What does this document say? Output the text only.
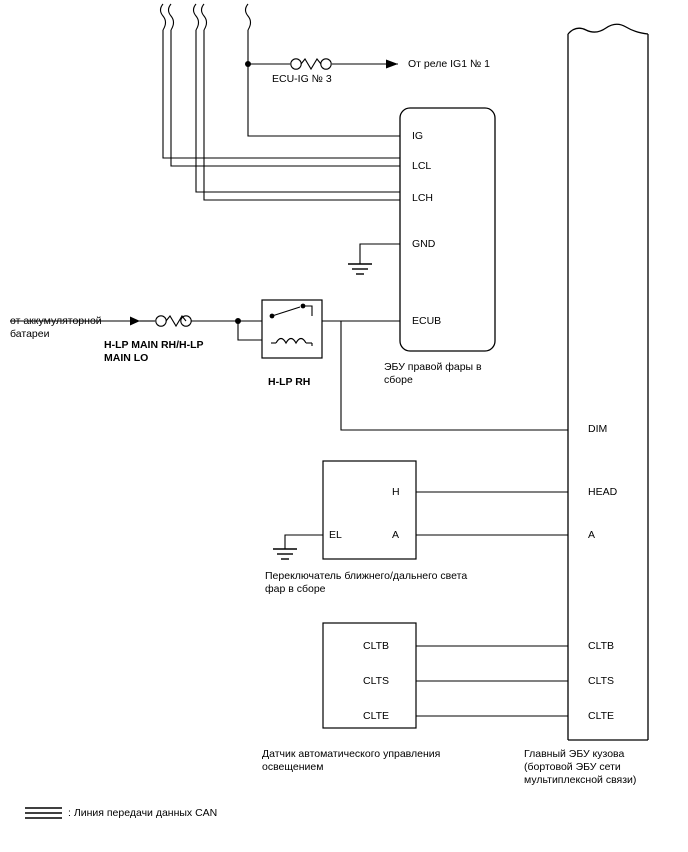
ECU-IG № 3
От реле IG1 № 1
IG
LCL
LCH
GND
ECUB
ЭБУ правой фары в
сборе
от аккумуляторной
батареи
H-LP MAIN RH/H-LP
MAIN LO
H-LP RH
H
A
EL
Переключатель ближнего/дальнего света
фар в сборе
CLTB
CLTS
CLTE
Датчик автоматического управления
освещением
DIM
HEAD
A
CLTB
CLTS
CLTE
Главный ЭБУ кузова
(бортовой ЭБУ сети
мультиплексной связи)
: Линия передачи данных CAN
